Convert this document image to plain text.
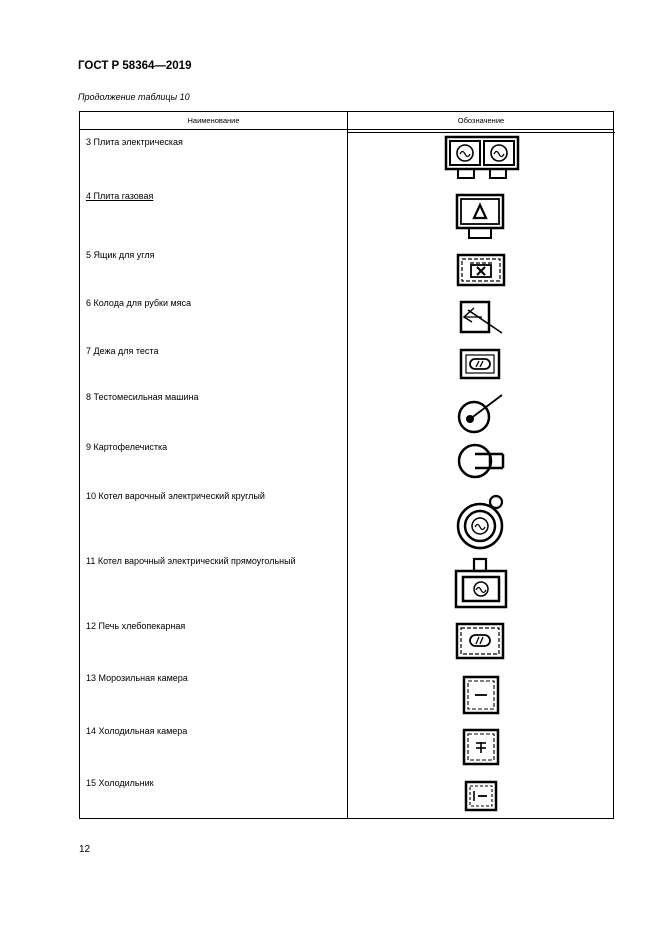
ГОСТ Р 58364—2019
Продолжение таблицы 10
Наименование	Обозначение
3 Плита электрическая
4 Плита газовая
5 Ящик для угля
6 Колода для рубки мяса
7 Дежа для теста
8 Тестомесильная машина
9 Картофелечистка
10 Котел варочный электрический круглый
11 Котел варочный электрический прямоугольный
12 Печь хлебопекарная
13 Морозильная камера
14 Холодильная камера
15 Холодильник
12
